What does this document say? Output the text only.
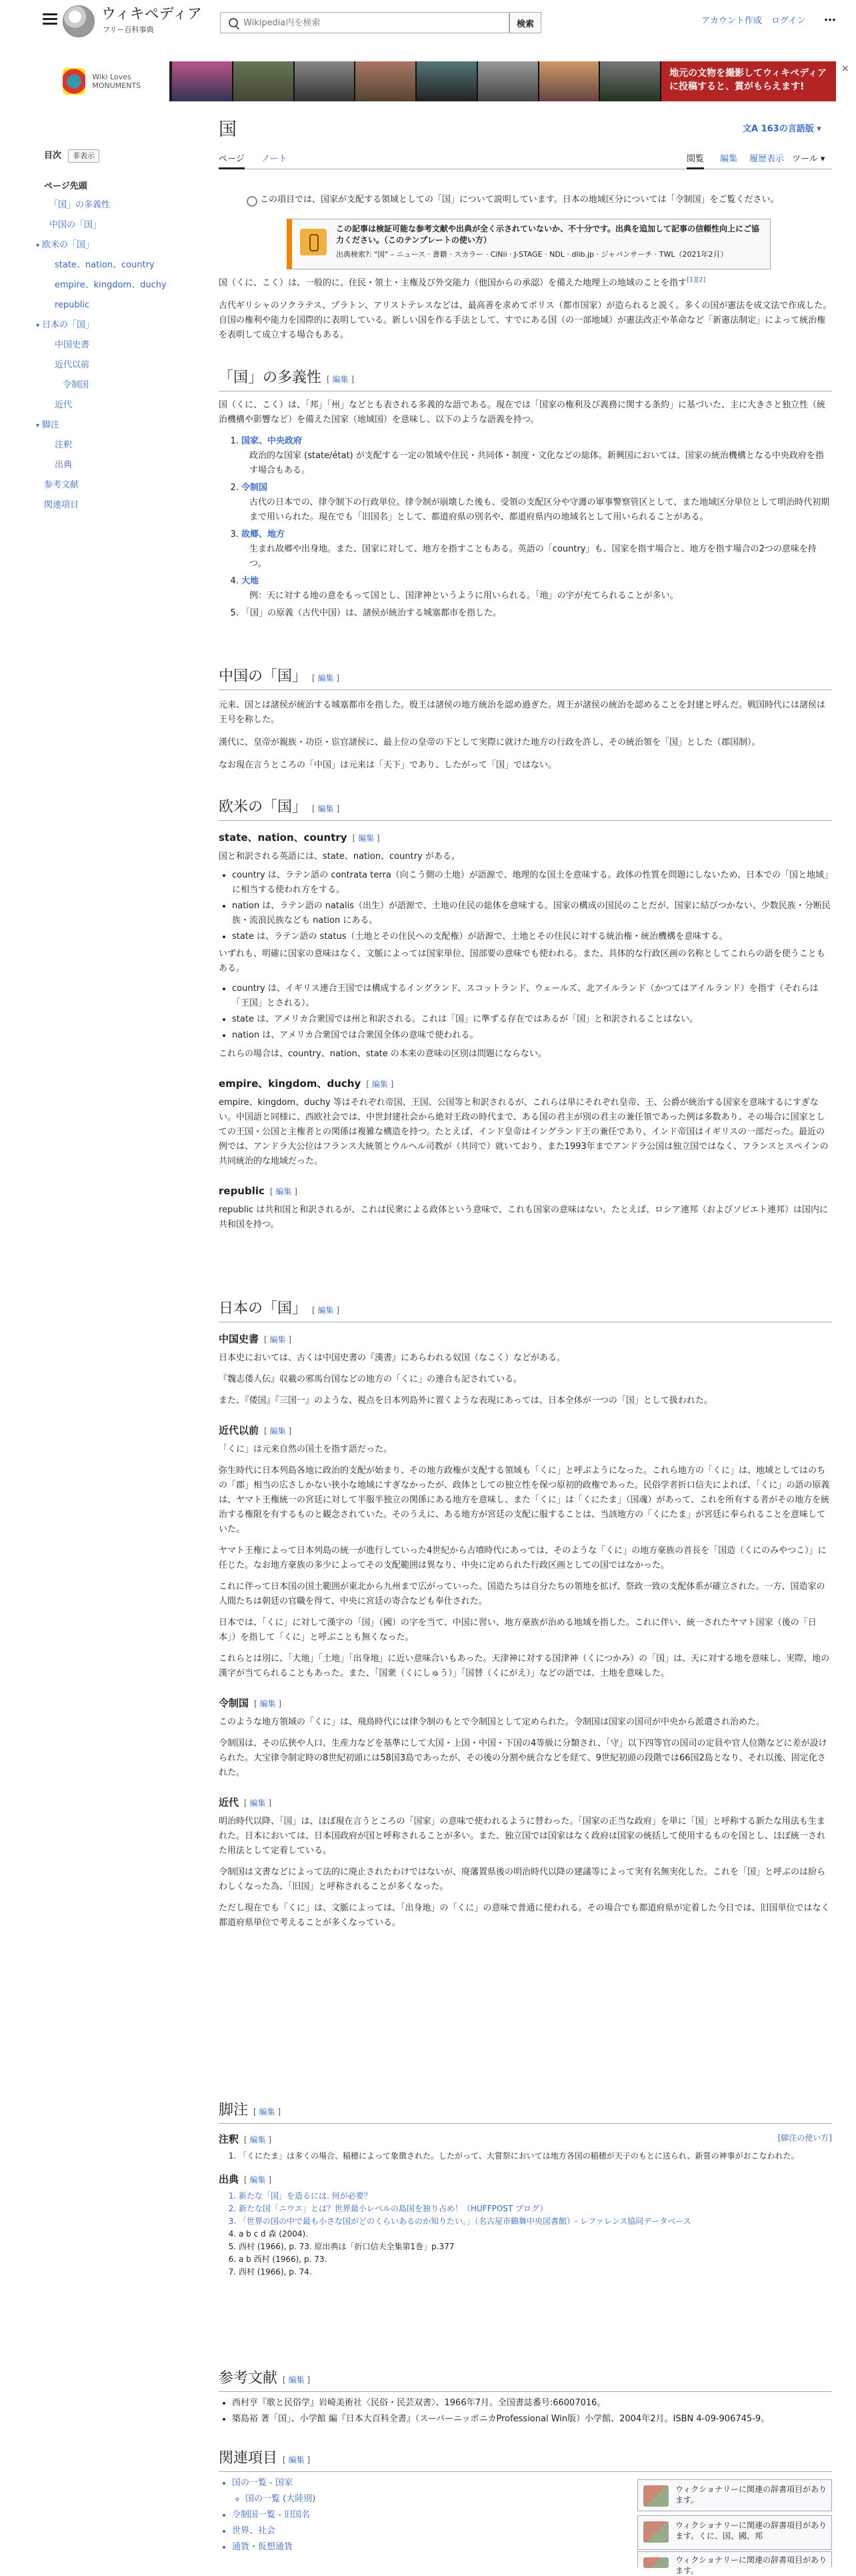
ウィキペディア
フリー百科事典
Wikipedia内を検索
検索	アカウント作成 ログイン	⋯
Wiki Loves MONUMENTS
地元の文物を撮影してウィキペディアに投稿すると、賞がもらえます!
×
目次	非表示
ページ先頭
「国」の多義性
中国の「国」
▾ 欧米の「国」
state、nation、country
empire、kingdom、duchy
republic
▾ 日本の「国」
中国史書
近代以前
令制国
近代
▾ 脚注
注釈
出典
参考文献
関連項目
国	文A 163の言語版 ▾
ページ ノート	閲覧 編集 履歴表示 ツール ▾
この項目では、国家が支配する領域としての「国」について説明しています。日本の地域区分については「令制国」をご覧ください。
この記事は検証可能な参考文献や出典が全く示されていないか、不十分です。出典を追加して記事の信頼性向上にご協力ください。（このテンプレートの使い方）
出典検索?: "国" – ニュース · 書籍 · スカラー · CiNii · J-STAGE · NDL · dlib.jp · ジャパンサーチ · TWL（2021年2月）

国（くに、こく）は、一般的に、住民・領土・主権及び外交能力（他国からの承認）を備えた地理上の地域のことを指す[1][2]

古代ギリシャのソクラテス、プラトン、アリストテレスなどは、最高善を求めてポリス（都市国家）が造られると説く。多くの国が憲法を成文法で作成した。自国の権利や能力を国際的に表明している。新しい国を作る手法として、すでにある国（の一部地域）が憲法改正や革命など「新憲法制定」によって統治権を表明して成立する場合もある。

「国」の多義性 [ 編集 ]

国（くに、こく）は、「邦」「州」などとも表される多義的な語である。現在では「国家の権利及び義務に関する条約」に基づいた、主に大きさと独立性（統治機構や影響など）を備えた国家（地域国）を意味し、以下のような語義を持つ。

1. 国家、中央政府
政治的な国家 (state/état) が支配する一定の領域や住民・共同体・制度・文化などの総体。新興国においては、国家の統治機構となる中央政府を指す場合もある。
2. 令制国
古代の日本での、律令制下の行政単位。律令制が崩壊した後も、受領の支配区分や守護の軍事警察管区として、また地域区分単位として明治時代初期まで用いられた。現在でも「旧国名」として、都道府県の別名や、都道府県内の地域名として用いられることがある。
3. 故郷、地方
生まれ故郷や出身地。また、国家に対して、地方を指すこともある。英語の「country」も、国家を指す場合と、地方を指す場合の2つの意味を持つ。
4. 大地
例：天に対する地の意をもって国とし、国津神というように用いられる。「地」の字が充てられることが多い。
5. 「国」の原義（古代中国）は、諸侯が統治する城塞都市を指した。
中国の「国」 [ 編集 ]

元来、国とは諸侯が統治する城塞都市を指した。殷王は諸侯の地方統治を認め過ぎた。周王が諸侯の統治を認めることを封建と呼んだ。戦国時代には諸侯は王号を称した。

漢代に、皇帝が親族・功臣・宦官諸侯に、最上位の皇帝の下として実際に就けた地方の行政を許し、その統治領を「国」とした（郡国制）。

なお現在言うところの「中国」は元来は「天下」であり、したがって「国」ではない。

欧米の「国」 [ 編集 ]
state、nation、country [ 編集 ]

国と和訳される英語には、state、nation、country がある。

• country は、ラテン語の contrata terra（向こう側の土地）が語源で、地理的な国土を意味する。政体の性質を問題にしないため、日本での「国と地域」に相当する使われ方をする。
• nation は、ラテン語の natalis（出生）が語源で、土地の住民の総体を意味する。国家の構成の国民のことだが、国家に結びつかない、少数民族・分断民族・流浪民族なども nation にある。
• state は、ラテン語の status（土地とその住民への支配権）が語源で、土地とその住民に対する統治権・統治機構を意味する。

いずれも、明確に国家の意味はなく、文脈によっては国家単位、国部要の意味でも使われる。また、具体的な行政区画の名称としてこれらの語を使うこともある。

• country は、イギリス連合王国では構成するイングランド、スコットランド、ウェールズ、北アイルランド（かつてはアイルランド）を指す（それらは「王国」とされる）。
• state は、アメリカ合衆国では州と和訳される。これは「国」に準ずる存在ではあるが「国」と和訳されることはない。
• nation は、アメリカ合衆国では合衆国全体の意味で使われる。

これらの場合は、country、nation、state の本来の意味の区別は問題にならない。

empire、kingdom、duchy [ 編集 ]

empire、kingdom、duchy 等はそれぞれ帝国、王国、公国等と和訳されるが、これらは単にそれぞれ皇帝、王、公爵が統治する国家を意味するにすぎない。中国語と同様に、西欧社会では、中世封建社会から絶対王政の時代まで、ある国の君主が別の君主の兼任領であった例は多数あり、その場合に国家としての王国・公国と主権者との関係は複雑な構造を持つ。たとえば、インド皇帝はイングランド王の兼任であり、インド帝国はイギリスの一部だった。最近の例では、アンドラ大公位はフランス大統領とウルヘル司教が（共同で）就いており、また1993年までアンドラ公国は独立国ではなく、フランスとスペインの共同統治的な地域だった。

republic [ 編集 ]

republic は共和国と和訳されるが、これは民衆による政体という意味で、これも国家の意味はない。たとえば、ロシア連邦（およびソビエト連邦）は国内に共和国を持つ。

日本の「国」 [ 編集 ]
中国史書 [ 編集 ]

日本史においては、古くは中国史書の『漢書』にあらわれる奴国（なこく）などがある。

『魏志倭人伝』収載の邪馬台国などの地方の「くに」の連合も記されている。

また、『倭国』『三国一』のような、視点を日本列島外に置くような表現にあっては、日本全体が一つの「国」として扱われた。

近代以前 [ 編集 ]

「くに」は元来自然の国土を指す語だった。

弥生時代に日本列島各地に政治的支配が始まり、その地方政権が支配する領域も「くに」と呼ぶようになった。これら地方の「くに」は、地域としてはのちの「郡」相当の広さしかない狭小な地域にすぎなかったが、政体としての独立性を保つ原初的政権であった。民俗学者折口信夫によれば、「くに」の語の原義は、ヤマト王権統一の宮廷に対して半服半独立の関係にある地方を意味し、また「くに」は「くにたま」（国魂）があって、これを所有する者がその地方を統治する権限を有するものと観念されていた。そのうえに、ある地方が宮廷の支配に服することは、当該地方の「くにたま」が宮廷に奉られることを意味していた。

ヤマト王権によって日本列島の統一が進行していった4世紀から古墳時代にあっては、そのような「くに」の地方豪族の首長を「国造（くにのみやつこ）」に任じた。なお地方豪族の多少によってその支配範囲は異なり、中央に定められた行政区画としての国ではなかった。

これに伴って日本国の国土範囲が東北から九州まで広がっていった。国造たちは自分たちの領地を拡げ、祭政一致の支配体系が確立された。一方、国造家の人間たちは朝廷の官職を得て、中央に宮廷の寄合なども奉仕された。

日本では、「くに」に対して漢字の「国」（國）の字を当て、中国に習い、地方豪族が治める地域を指した。これに伴い、統一されたヤマト国家（後の「日本」）を指して「くに」と呼ぶことも無くなった。

これらとは別に、「大地」「土地」「出身地」に近い意味合いもあった。天津神に対する国津神（くにつかみ）の「国」は、天に対する地を意味し、実際、地の漢字が当てられることもあった。また、「国衆（くにしゅう）」「国替（くにがえ）」などの語では、土地を意味した。

令制国 [ 編集 ]

このような地方領域の「くに」は、飛鳥時代には律令制のもとで令制国として定められた。令制国は国家の国司が中央から派遣され治めた。

令制国は、その広狭や人口、生産力などを基準にして大国・上国・中国・下国の4等級に分類され、「守」以下四等官の国司の定員や官人位階などに差が設けられた。大宝律令制定時の8世紀初頭には58国3島であったが、その後の分割や統合などを経て、9世紀初頭の段階では66国2島となり、それ以後、固定化された。

近代 [ 編集 ]

明治時代以降、「国」は、ほぼ現在言うところの「国家」の意味で使われるように替わった。「国家の正当な政府」を単に「国」と呼称する新たな用法も生まれた。日本においては、日本国政府が国と呼称されることが多い。また、独立国では国家はなく政府は国家の統括して使用するものを国とし、ほぼ統一された用法として定着している。

令制国は文書などによって法的に廃止されたわけではないが、廃藩置県後の明治時代以降の建議等によって実有名無実化した。これを「国」と呼ぶのは紛らわしくなった為、「旧国」と呼称されることが多くなった。

ただし現在でも「くに」は、文脈によっては、「出身地」の「くに」の意味で普通に使われる。その場合でも都道府県が定着した今日では、旧国単位ではなく都道府県単位で考えることが多くなっている。

脚注 [ 編集 ]
注釈 [ 編集 ]	[脚注の使い方]
1. 「くにたま」は多くの場合、稲穂によって象徴された。したがって、大嘗祭においては地方各国の稲穂が天子のもとに送られ、新嘗の神事がおこなわれた。
出典 [ 編集 ]
1. 新たな「国」を造るには. 何が必要？
2. 新たな国「ニウエ」とは？世界最小レベルの島国を独り占め！（HUFFPOST ブログ）
3. 「世界の国の中で最も小さな国がどのくらいあるのか知りたい。」（名古屋市鶴舞中央図書館）- レファレンス協同データベース
4. a b c d 森 (2004).
5. 西村 (1966), p. 73. 原出典は「折口信夫全集第1巻」p.377
6. a b 西村 (1966), p. 73.
7. 西村 (1966), p. 74.
参考文献 [ 編集 ]
• 西村亨『歌と民俗学』岩崎美術社〈民俗・民芸双書〉、1966年7月。全国書誌番号:66007016。
• 築島裕 著「国」、小学館 編『日本大百科全書』（スーパーニッポニカProfessional Win版）小学館、2004年2月。ISBN 4-09-906745-9。
関連項目 [ 編集 ]
• 国の一覧 - 国家
◦ 国の一覧 (大陸別)
• 令制国一覧 - 旧国名
• 世界、社会
• 通貨・仮想通貨
ウィクショナリーに関連の辞書項目があります。
ウィクショナリーに関連の辞書項目があります。くに、国、國、邦
ウィクショナリーに関連の辞書項目があります。
